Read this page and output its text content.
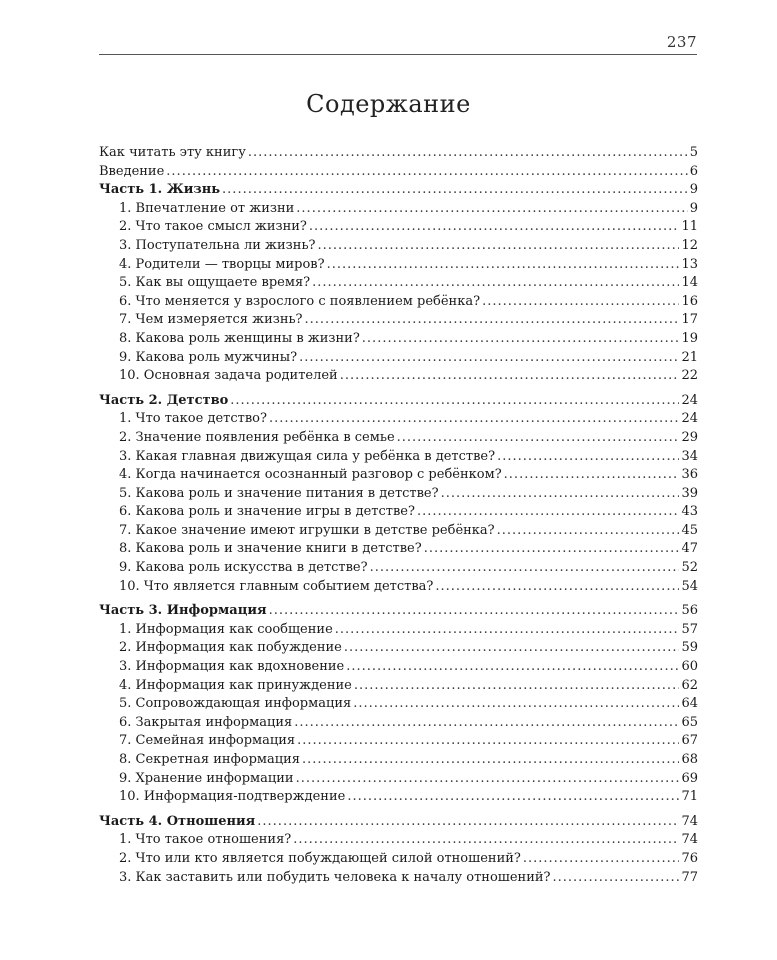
237
Содержание
Как читать эту книгу .....	5
Введение .....	6
Часть 1. Жизнь .....	9
1. Впечатление от жизни .....	9
2. Что такое смысл жизни? .....	11
3. Поступательна ли жизнь? .....	12
4. Родители — творцы миров? .....	13
5. Как вы ощущаете время? .....	14
6. Что меняется у взрослого с появлением ребёнка? .....	16
7. Чем измеряется жизнь? .....	17
8. Какова роль женщины в жизни? .....	19
9. Какова роль мужчины? .....	21
10. Основная задача родителей .....	22
Часть 2. Детство .....	24
1. Что такое детство? .....	24
2. Значение появления ребёнка в семье .....	29
3. Какая главная движущая сила у ребёнка в детстве? .....	34
4. Когда начинается осознанный разговор с ребёнком? .....	36
5. Какова роль и значение питания в детстве? .....	39
6. Какова роль и значение игры в детстве? .....	43
7. Какое значение имеют игрушки в детстве ребёнка? .....	45
8. Какова роль и значение книги в детстве? .....	47
9. Какова роль искусства в детстве? .....	52
10. Что является главным событием детства? .....	54
Часть 3. Информация .....	56
1. Информация как сообщение .....	57
2. Информация как побуждение .....	59
3. Информация как вдохновение .....	60
4. Информация как принуждение .....	62
5. Сопровождающая информация .....	64
6. Закрытая информация .....	65
7. Семейная информация .....	67
8. Секретная информация .....	68
9. Хранение информации .....	69
10. Информация-подтверждение .....	71
Часть 4. Отношения .....	74
1. Что такое отношения? .....	74
2. Что или кто является побуждающей силой отношений? .....	76
3. Как заставить или побудить человека к началу отношений? .....	77
